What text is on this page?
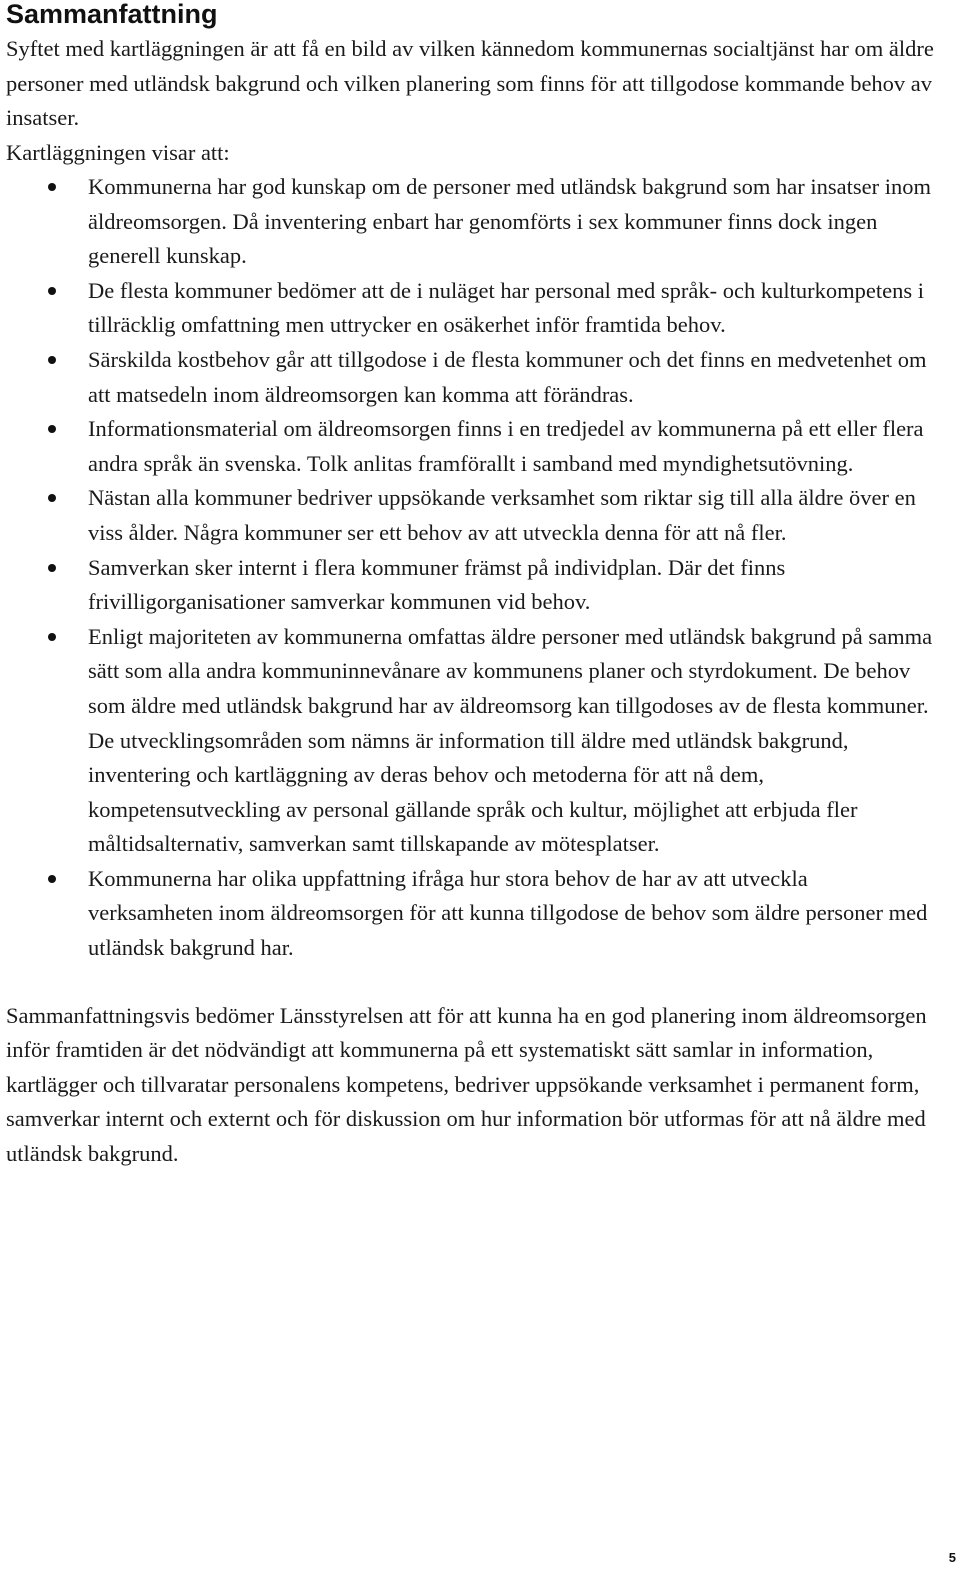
Sammanfattning

Syftet med kartläggningen är att få en bild av vilken kännedom kommunernas socialtjänst har om äldre personer med utländsk bakgrund och vilken planering som finns för att tillgodose kommande behov av insatser.

Kartläggningen visar att:

Kommunerna har god kunskap om de personer med utländsk bakgrund som har insatser inom äldreomsorgen. Då inventering enbart har genomförts i sex kommuner finns dock ingen generell kunskap.
De flesta kommuner bedömer att de i nuläget har personal med språk- och kulturkompetens i tillräcklig omfattning men uttrycker en osäkerhet inför framtida behov.
Särskilda kostbehov går att tillgodose i de flesta kommuner och det finns en medvetenhet om att matsedeln inom äldreomsorgen kan komma att förändras.
Informationsmaterial om äldreomsorgen finns i en tredjedel av kommunerna på ett eller flera andra språk än svenska. Tolk anlitas framförallt i samband med myndighetsutövning.
Nästan alla kommuner bedriver uppsökande verksamhet som riktar sig till alla äldre över en viss ålder. Några kommuner ser ett behov av att utveckla denna för att nå fler.
Samverkan sker internt i flera kommuner främst på individplan. Där det finns frivilligorganisationer samverkar kommunen vid behov.
Enligt majoriteten av kommunerna omfattas äldre personer med utländsk bakgrund på samma sätt som alla andra kommuninnevånare av kommunens planer och styrdokument. De behov som äldre med utländsk bakgrund har av äldreomsorg kan tillgodoses av de flesta kommuner. De utvecklingsområden som nämns är information till äldre med utländsk bakgrund, inventering och kartläggning av deras behov och metoderna för att nå dem, kompetensutveckling av personal gällande språk och kultur, möjlighet att erbjuda fler måltidsalternativ, samverkan samt tillskapande av mötesplatser.
Kommunerna har olika uppfattning ifråga hur stora behov de har av att utveckla verksamheten inom äldreomsorgen för att kunna tillgodose de behov som äldre personer med utländsk bakgrund har.

Sammanfattningsvis bedömer Länsstyrelsen att för att kunna ha en god planering inom äldreomsorgen inför framtiden är det nödvändigt att kommunerna på ett systematiskt sätt samlar in information, kartlägger och tillvaratar personalens kompetens, bedriver uppsökande verksamhet i permanent form, samverkar internt och externt och för diskussion om hur information bör utformas för att nå äldre med utländsk bakgrund.

5
